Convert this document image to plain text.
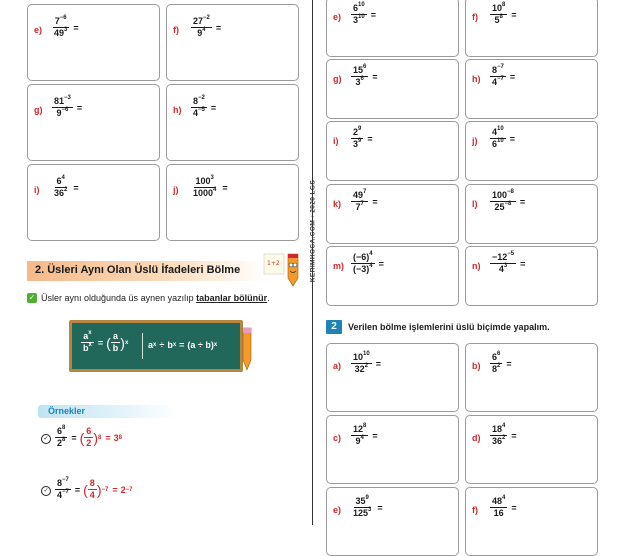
KERIMHOCA.COM • 2020 LGS
$e) \frac{7^{-6}}{49^3}$ =	$f) \frac{27^{-2}}{9^4}$ =
$g) \frac{81^{-3}}{9^{-6}}$ =	$h) \frac{8^{-2}}{4^{-5}}$ =
$i) \frac{6^4}{36^2}$ =	$j) \frac{100^3}{1000^4}$ =
2. Üsleri Aynı Olan Üslü İfadeleri Bölme
1+2
✓ Üsler aynı olduğunda üs aynen yazılıp tabanlar bölünür.
$\frac{a^x}{b^x}$ = ( $\frac{a}{b}$ ) x a x ÷ b x = ( a ÷ b ) x
Örnekler
✓ $\frac{6^8}{2^8}$ = ( $\frac{6}{2}$ ) 8 = 3 8
✓ $\frac{8^{-7}}{4^{-7}}$ = ( $\frac{8}{4}$ ) −7 = 2 −7
$e) \frac{6^{10}}{3^{10}}$ =	$f) \frac{10^8}{5^8}$ =
$g) \frac{15^6}{3^6}$ =	$h) \frac{8^{-7}}{4^{-7}}$ =
$i) \frac{2^9}{3^9}$ =	$j) \frac{4^{10}}{6^{10}}$ =
$k) \frac{49^7}{7^7}$ =	$l) \frac{100^{-8}}{25^{-8}}$ =
$m) \frac{(-6)^4}{(-3)^4}$ =	$n) \frac{-12^{-5}}{4^3}$ =
2	Verilen bölme işlemlerini üslü biçimde yapalım.
$a) \frac{10^{10}}{32^2}$ =	$b) \frac{6^6}{8^2}$ =
$c) \frac{12^8}{9^4}$ =	$d) \frac{18^4}{36^2}$ =
$e) \frac{35^9}{125^3}$ =	$f) \frac{48^4}{16}$ =
